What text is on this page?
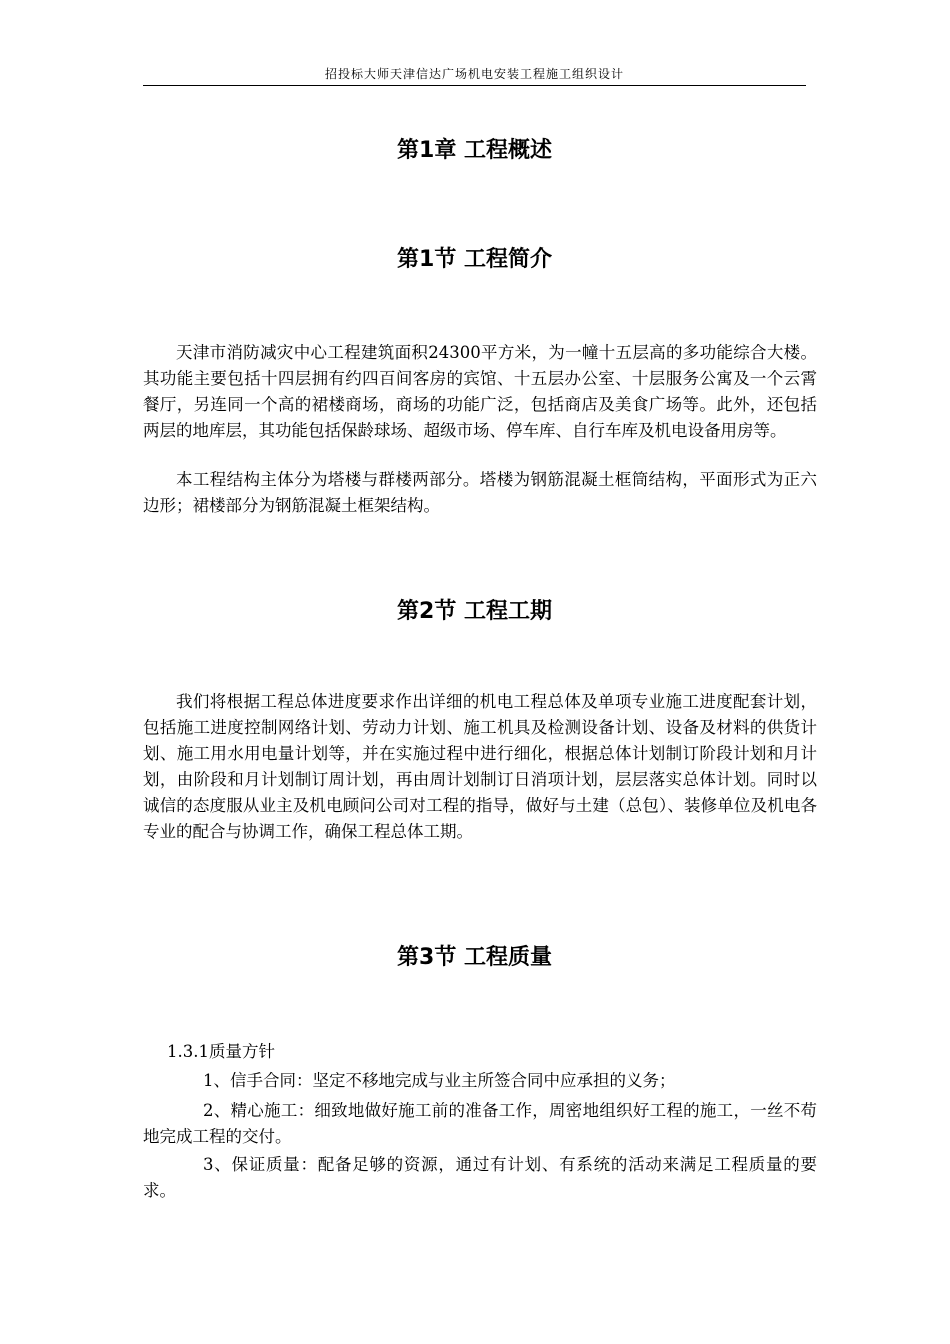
招投标大师天津信达广场机电安装工程施工组织设计
第1章 工程概述
第1节 工程简介

天津市消防减灾中心工程建筑面积24300平方米，为一幢十五层高的多功能综合大楼。其功能主要包括十四层拥有约四百间客房的宾馆、十五层办公室、十层服务公寓及一个云霄餐厅，另连同一个高的裙楼商场，商场的功能广泛，包括商店及美食广场等。此外，还包括两层的地库层，其功能包括保龄球场、超级市场、停车库、自行车库及机电设备用房等。

本工程结构主体分为塔楼与群楼两部分。塔楼为钢筋混凝土框筒结构，平面形式为正六边形；裙楼部分为钢筋混凝土框架结构。

第2节 工程工期

我们将根据工程总体进度要求作出详细的机电工程总体及单项专业施工进度配套计划，包括施工进度控制网络计划、劳动力计划、施工机具及检测设备计划、设备及材料的供货计划、施工用水用电量计划等，并在实施过程中进行细化，根据总体计划制订阶段计划和月计划，由阶段和月计划制订周计划，再由周计划制订日消项计划，层层落实总体计划。同时以诚信的态度服从业主及机电顾问公司对工程的指导，做好与土建（总包）、装修单位及机电各专业的配合与协调工作，确保工程总体工期。

第3节 工程质量

1.3.1质量方针

1、信手合同：坚定不移地完成与业主所签合同中应承担的义务；

2、精心施工：细致地做好施工前的准备工作，周密地组织好工程的施工，一丝不苟地完成工程的交付。

3、保证质量：配备足够的资源，通过有计划、有系统的活动来满足工程质量的要求。
